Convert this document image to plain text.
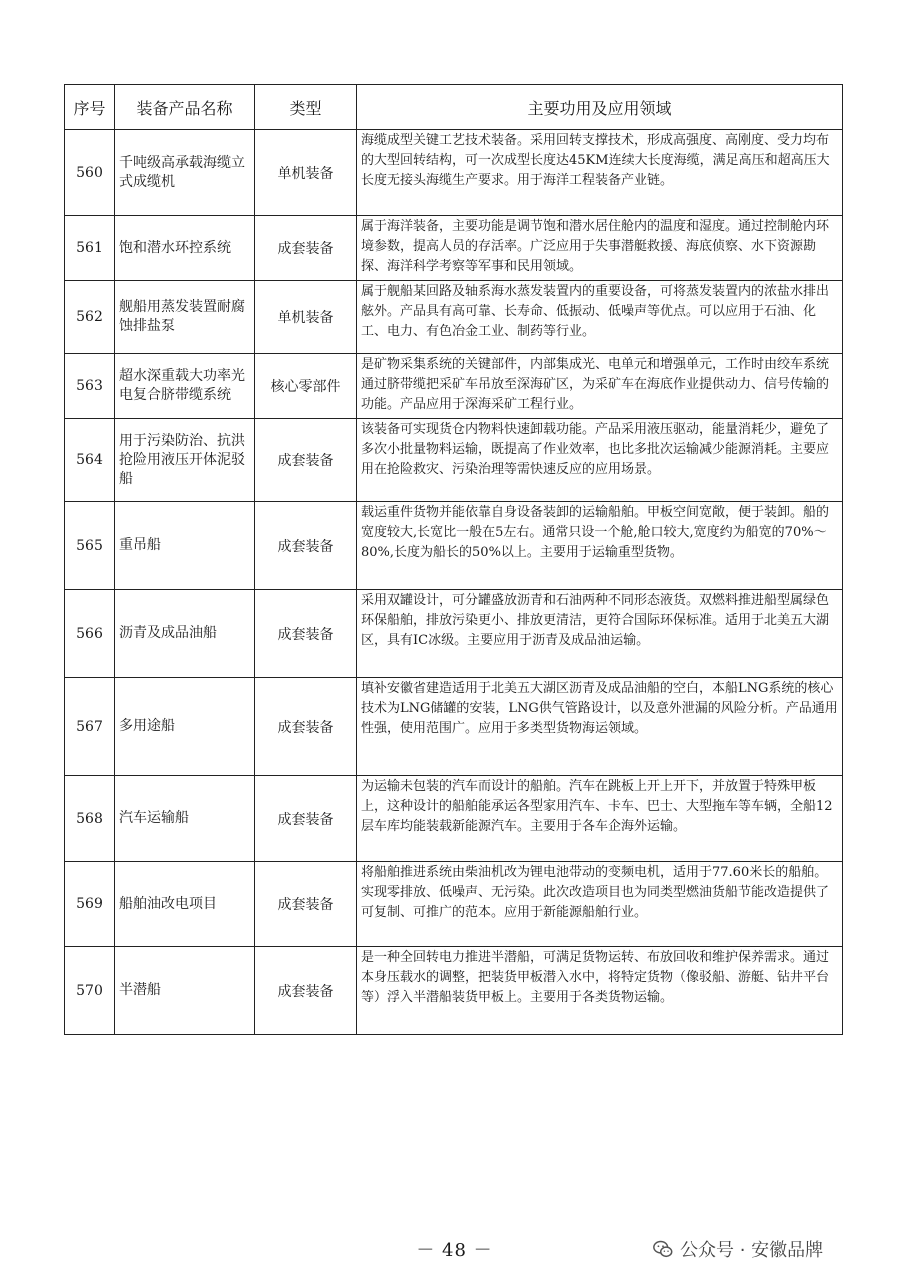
序号	装备产品名称	类型	主要功用及应用领域
560	千吨级高承载海缆立式成缆机	单机装备	海缆成型关键工艺技术装备。采用回转支撑技术，形成高强度、高刚度、受力均布的大型回转结构，可一次成型长度达45KM连续大长度海缆，满足高压和超高压大长度无接头海缆生产要求。用于海洋工程装备产业链。
561	饱和潜水环控系统	成套装备	属于海洋装备，主要功能是调节饱和潜水居住舱内的温度和湿度。通过控制舱内环境参数，提高人员的存活率。广泛应用于失事潜艇救援、海底侦察、水下资源勘探、海洋科学考察等军事和民用领域。
562	舰船用蒸发装置耐腐蚀排盐泵	单机装备	属于舰船某回路及轴系海水蒸发装置内的重要设备，可将蒸发装置内的浓盐水排出舷外。产品具有高可靠、长寿命、低振动、低噪声等优点。可以应用于石油、化工、电力、有色冶金工业、制药等行业。
563	超水深重载大功率光电复合脐带缆系统	核心零部件	是矿物采集系统的关键部件，内部集成光、电单元和增强单元，工作时由绞车系统通过脐带缆把采矿车吊放至深海矿区，为采矿车在海底作业提供动力、信号传输的功能。产品应用于深海采矿工程行业。
564	用于污染防治、抗洪抢险用液压开体泥驳船	成套装备	该装备可实现货仓内物料快速卸载功能。产品采用液压驱动，能量消耗少，避免了多次小批量物料运输，既提高了作业效率，也比多批次运输减少能源消耗。主要应用在抢险救灾、污染治理等需快速反应的应用场景。
565	重吊船	成套装备	载运重件货物并能依靠自身设备装卸的运输船舶。甲板空间宽敞，便于装卸。船的宽度较大,长宽比一般在5左右。通常只设一个舱,舱口较大,宽度约为船宽的70%～80%,长度为船长的50%以上。主要用于运输重型货物。
566	沥青及成品油船	成套装备	采用双罐设计，可分罐盛放沥青和石油两种不同形态液货。双燃料推进船型属绿色环保船舶，排放污染更小、排放更清洁，更符合国际环保标准。适用于北美五大湖区，具有IC冰级。主要应用于沥青及成品油运输。
567	多用途船	成套装备	填补安徽省建造适用于北美五大湖区沥青及成品油船的空白，本船LNG系统的核心技术为LNG储罐的安装，LNG供气管路设计，以及意外泄漏的风险分析。产品通用性强，使用范围广。应用于多类型货物海运领域。
568	汽车运输船	成套装备	为运输未包装的汽车而设计的船舶。汽车在跳板上开上开下，并放置于特殊甲板上，这种设计的船舶能承运各型家用汽车、卡车、巴士、大型拖车等车辆，全船12层车库均能装载新能源汽车。主要用于各车企海外运输。
569	船舶油改电项目	成套装备	将船舶推进系统由柴油机改为锂电池带动的变频电机，适用于77.60米长的船舶。实现零排放、低噪声、无污染。此次改造项目也为同类型燃油货船节能改造提供了可复制、可推广的范本。应用于新能源船舶行业。
570	半潜船	成套装备	是一种全回转电力推进半潜船，可满足货物运转、布放回收和维护保养需求。通过本身压载水的调整，把装货甲板潜入水中，将特定货物（像驳船、游艇、钻井平台等）浮入半潜船装货甲板上。主要用于各类货物运输。
－ 48 －	公众号 · 安徽品牌
